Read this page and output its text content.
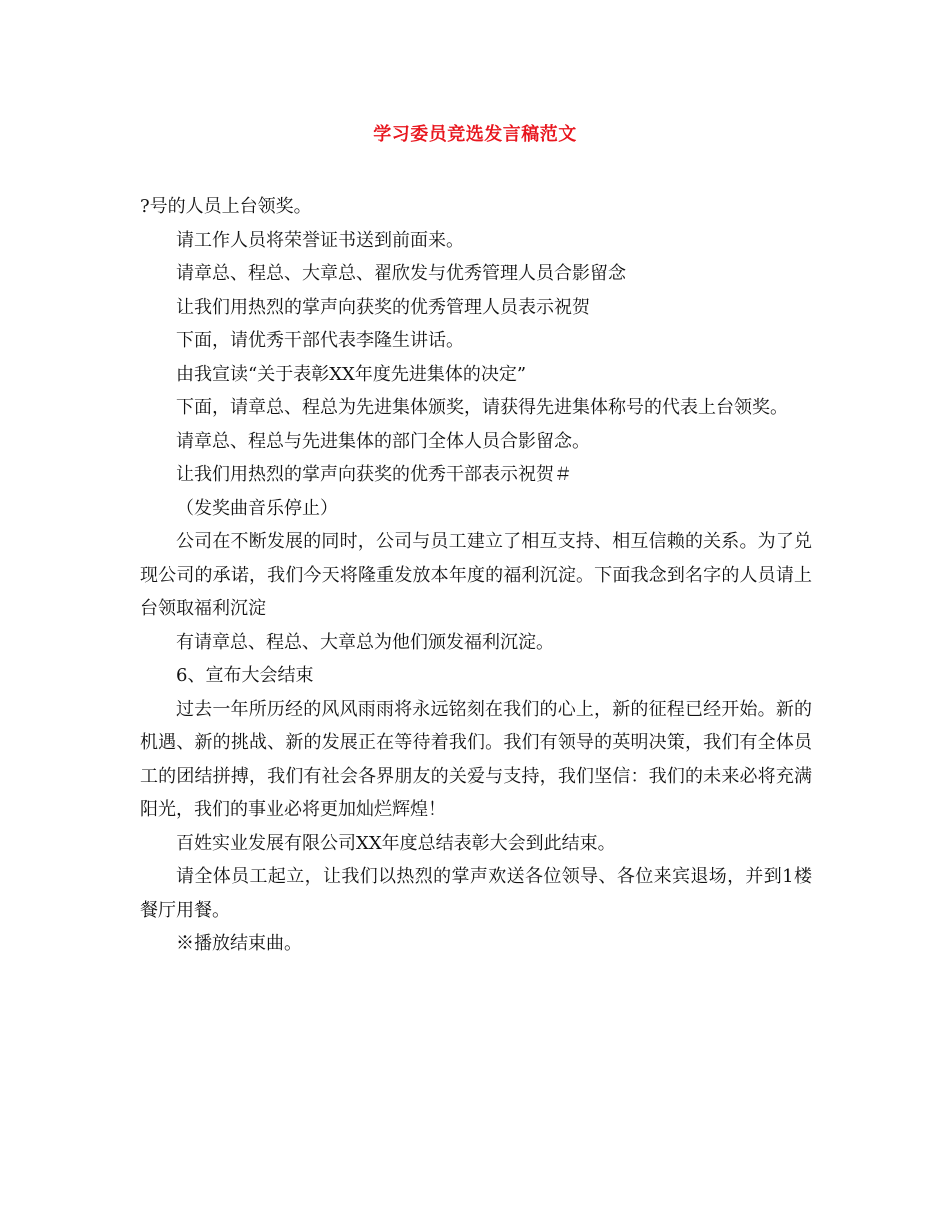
学习委员竞选发言稿范文

?号的人员上台领奖。

请工作人员将荣誉证书送到前面来。

请章总、程总、大章总、翟欣发与优秀管理人员合影留念

让我们用热烈的掌声向获奖的优秀管理人员表示祝贺

下面，请优秀干部代表李隆生讲话。

由我宣读“关于表彰XX年度先进集体的决定”

下面，请章总、程总为先进集体颁奖，请获得先进集体称号的代表上台领奖。

请章总、程总与先进集体的部门全体人员合影留念。

让我们用热烈的掌声向获奖的优秀干部表示祝贺＃

（发奖曲音乐停止）

公司在不断发展的同时，公司与员工建立了相互支持、相互信赖的关系。为了兑现公司的承诺，我们今天将隆重发放本年度的福利沉淀。下面我念到名字的人员请上台领取福利沉淀

有请章总、程总、大章总为他们颁发福利沉淀。

6、宣布大会结束

过去一年所历经的风风雨雨将永远铭刻在我们的心上，新的征程已经开始。新的机遇、新的挑战、新的发展正在等待着我们。我们有领导的英明决策，我们有全体员工的团结拼搏，我们有社会各界朋友的关爱与支持，我们坚信：我们的未来必将充满阳光，我们的事业必将更加灿烂辉煌！

百姓实业发展有限公司XX年度总结表彰大会到此结束。

请全体员工起立，让我们以热烈的掌声欢送各位领导、各位来宾退场，并到1楼餐厅用餐。

※播放结束曲。
